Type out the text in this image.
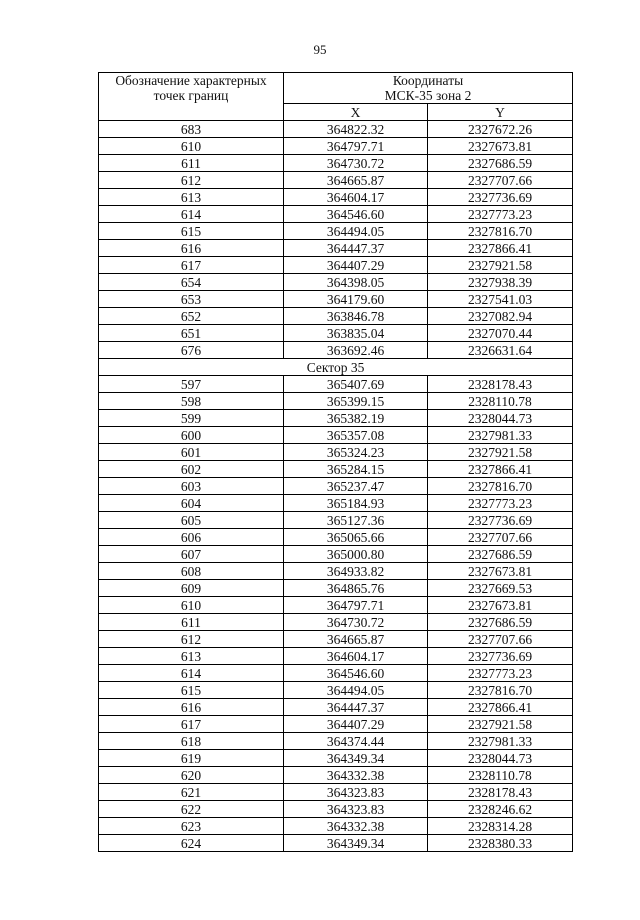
95
Обозначение характерных
точек границ	Координаты
МСК-35 зона 2	
	X	Y
683	364822.32	2327672.26
610	364797.71	2327673.81
611	364730.72	2327686.59
612	364665.87	2327707.66
613	364604.17	2327736.69
614	364546.60	2327773.23
615	364494.05	2327816.70
616	364447.37	2327866.41
617	364407.29	2327921.58
654	364398.05	2327938.39
653	364179.60	2327541.03
652	363846.78	2327082.94
651	363835.04	2327070.44
676	363692.46	2326631.64
Сектор 35		
597	365407.69	2328178.43
598	365399.15	2328110.78
599	365382.19	2328044.73
600	365357.08	2327981.33
601	365324.23	2327921.58
602	365284.15	2327866.41
603	365237.47	2327816.70
604	365184.93	2327773.23
605	365127.36	2327736.69
606	365065.66	2327707.66
607	365000.80	2327686.59
608	364933.82	2327673.81
609	364865.76	2327669.53
610	364797.71	2327673.81
611	364730.72	2327686.59
612	364665.87	2327707.66
613	364604.17	2327736.69
614	364546.60	2327773.23
615	364494.05	2327816.70
616	364447.37	2327866.41
617	364407.29	2327921.58
618	364374.44	2327981.33
619	364349.34	2328044.73
620	364332.38	2328110.78
621	364323.83	2328178.43
622	364323.83	2328246.62
623	364332.38	2328314.28
624	364349.34	2328380.33
